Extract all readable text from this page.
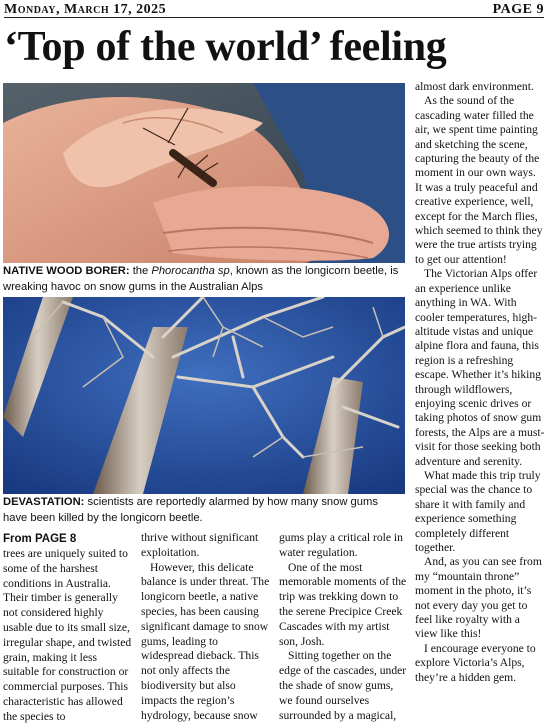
Monday, March 17, 2025	PAGE 9
‘Top of the world’ feeling
NATIVE WOOD BORER: the Phorocantha sp, known as the longicorn beetle, is wreaking havoc on snow gums in the Australian Alps
DEVASTATION: scientists are reportedly alarmed by how many snow gums have been killed by the longicorn beetle.
From PAGE 8

trees are uniquely suited to some of the harshest conditions in Australia. Their timber is generally not considered highly usable due to its small size, irregular shape, and twisted grain, making it less suitable for construction or commercial purposes. This characteristic has allowed the species to

thrive without significant exploitation.

However, this delicate balance is under threat. The longicorn beetle, a native species, has been causing significant damage to snow gums, leading to widespread dieback. This not only affects the biodiversity but also impacts the region’s hydrology, because snow

gums play a critical role in water regulation.

One of the most memorable moments of the trip was trekking down to the serene Precipice Creek Cascades with my artist son, Josh.

Sitting together on the edge of the cascades, under the shade of snow gums, we found ourselves surrounded by a magical,

almost dark environment.

As the sound of the cascading water filled the air, we spent time painting and sketching the scene, capturing the beauty of the moment in our own ways. It was a truly peaceful and creative experience, well, except for the March flies, which seemed to think they were the true artists trying to get our attention!

The Victorian Alps offer an experience unlike anything in WA. With cooler temperatures, high-altitude vistas and unique alpine flora and fauna, this region is a refreshing escape. Whether it’s hiking through wildflowers, enjoying scenic drives or taking photos of snow gum forests, the Alps are a must-visit for those seeking both adventure and serenity.

What made this trip truly special was the chance to share it with family and experience something completely different together.

And, as you can see from my “mountain throne” moment in the photo, it’s not every day you get to feel like royalty with a view like this!

I encourage everyone to explore Victoria’s Alps, they’re a hidden gem.
